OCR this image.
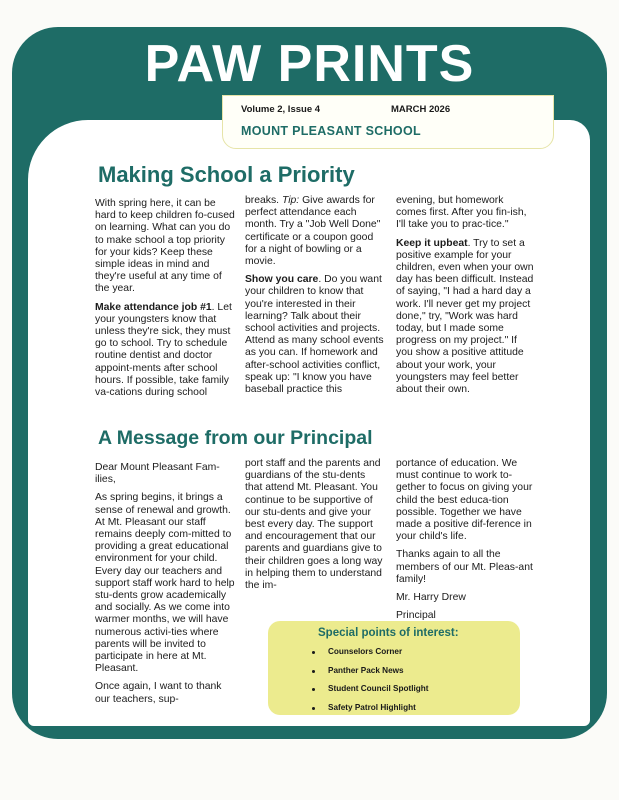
PAW PRINTS
Volume 2, Issue 4	MARCH 2026
MOUNT PLEASANT SCHOOL
Making School a Priority

With spring here, it can be hard to keep children fo-cused on learning. What can you do to make school a top priority for your kids? Keep these simple ideas in mind and they're useful at any time of the year.

Make attendance job #1. Let your youngsters know that unless they're sick, they must go to school. Try to schedule routine dentist and doctor appoint-ments after school hours. If possible, take family va-cations during school

breaks. Tip: Give awards for perfect attendance each month. Try a "Job Well Done" certificate or a coupon good for a night of bowling or a movie.

Show you care. Do you want your children to know that you're interested in their learning? Talk about their school activities and projects. Attend as many school events as you can. If homework and after-school activities conflict, speak up: "I know you have baseball practice this

evening, but homework comes first. After you fin-ish, I'll take you to prac-tice."

Keep it upbeat. Try to set a positive example for your children, even when your own day has been difficult. Instead of saying, "I had a hard day a work. I'll never get my project done," try, "Work was hard today, but I made some progress on my project." If you show a positive attitude about your work, your youngsters may feel better about their own.

A Message from our Principal

Dear Mount Pleasant Fam-ilies,

As spring begins, it brings a sense of renewal and growth. At Mt. Pleasant our staff remains deeply com-mitted to providing a great educational environment for your child. Every day our teachers and support staff work hard to help stu-dents grow academically and socially. As we come into warmer months, we will have numerous activi-ties where parents will be invited to participate in here at Mt. Pleasant.

Once again, I want to thank our teachers, sup-

port staff and the parents and guardians of the stu-dents that attend Mt. Pleasant. You continue to be supportive of our stu-dents and give your best every day. The support and encouragement that our parents and guardians give to their children goes a long way in helping them to understand the im-

portance of education. We must continue to work to-gether to focus on giving your child the best educa-tion possible. Together we have made a positive dif-ference in your child's life.

Thanks again to all the members of our Mt. Pleas-ant family!

Mr. Harry Drew

Principal

Special points of interest:
Counselors Corner
Panther Pack News
Student Council Spotlight
Safety Patrol Highlight
